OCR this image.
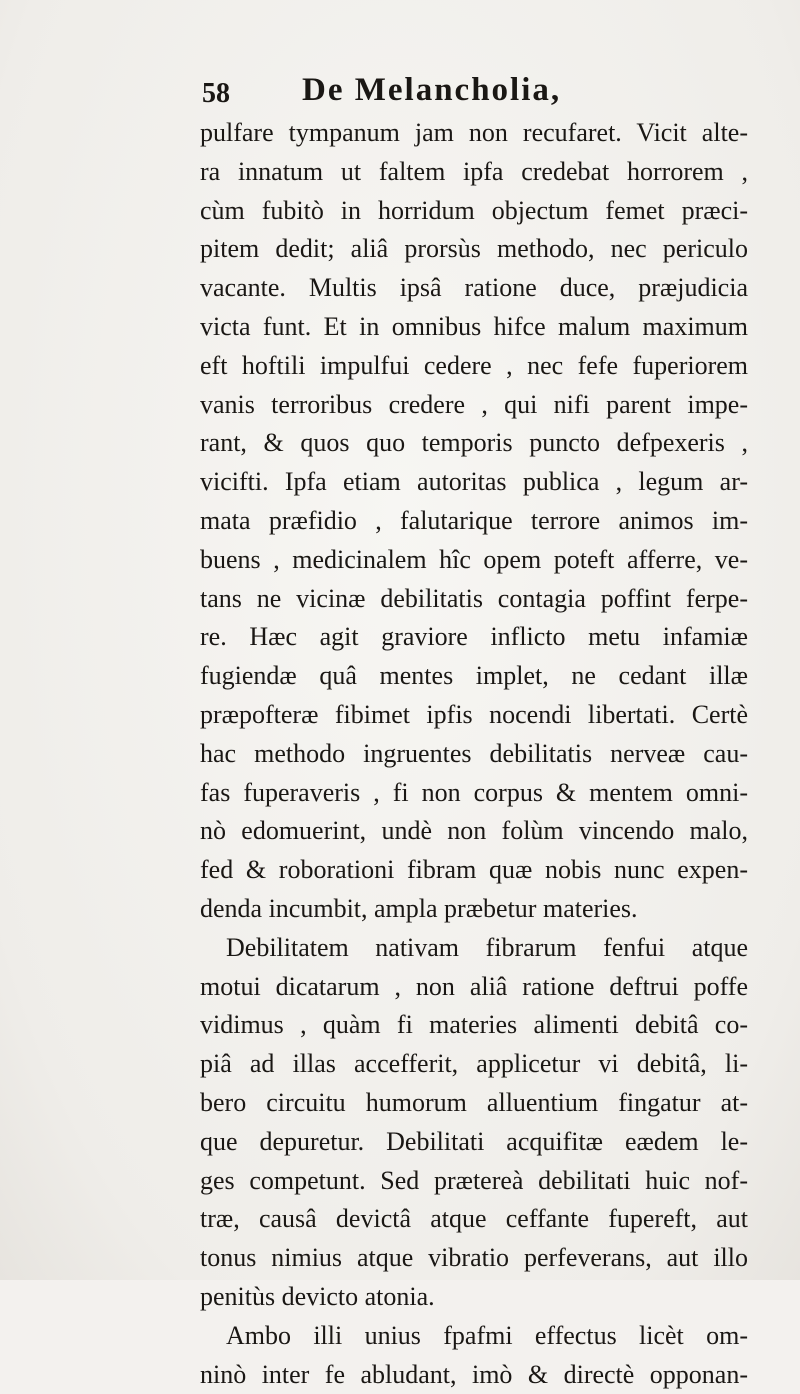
58 De Melancholia,
pulfare tympanum jam non recufaret. Vicit alte-
ra innatum ut faltem ipfa credebat horrorem ,
cùm fubitò in horridum objectum femet præci-
pitem dedit; aliâ prorsùs methodo, nec periculo
vacante. Multis ipsâ ratione duce, præjudicia
victa funt. Et in omnibus hifce malum maximum
eft hoftili impulfui cedere , nec fefe fuperiorem
vanis terroribus credere , qui nifi parent impe-
rant, & quos quo temporis puncto defpexeris ,
vicifti. Ipfa etiam autoritas publica , legum ar-
mata præfidio , falutarique terrore animos im-
buens , medicinalem hîc opem poteft afferre, ve-
tans ne vicinæ debilitatis contagia poffint ferpe-
re. Hæc agit graviore inflicto metu infamiæ
fugiendæ quâ mentes implet, ne cedant illæ
præpofteræ fibimet ipfis nocendi libertati. Certè
hac methodo ingruentes debilitatis nerveæ cau-
fas fuperaveris , fi non corpus & mentem omni-
nò edomuerint, undè non folùm vincendo malo,
fed & roborationi fibram quæ nobis nunc expen-
denda incumbit, ampla præbetur materies.
Debilitatem nativam fibrarum fenfui atque
motui dicatarum , non aliâ ratione deftrui poffe
vidimus , quàm fi materies alimenti debitâ co-
piâ ad illas accefferit, applicetur vi debitâ, li-
bero circuitu humorum alluentium fingatur at-
que depuretur. Debilitati acquifitæ eædem le-
ges competunt. Sed prætereà debilitati huic nof-
træ, causâ devictâ atque ceffante fupereft, aut
tonus nimius atque vibratio perfeverans, aut illo
penitùs devicto atonia.
Ambo illi unius fpafmi effectus licèt om-
ninò inter fe abludant, imò & directè opponan-
